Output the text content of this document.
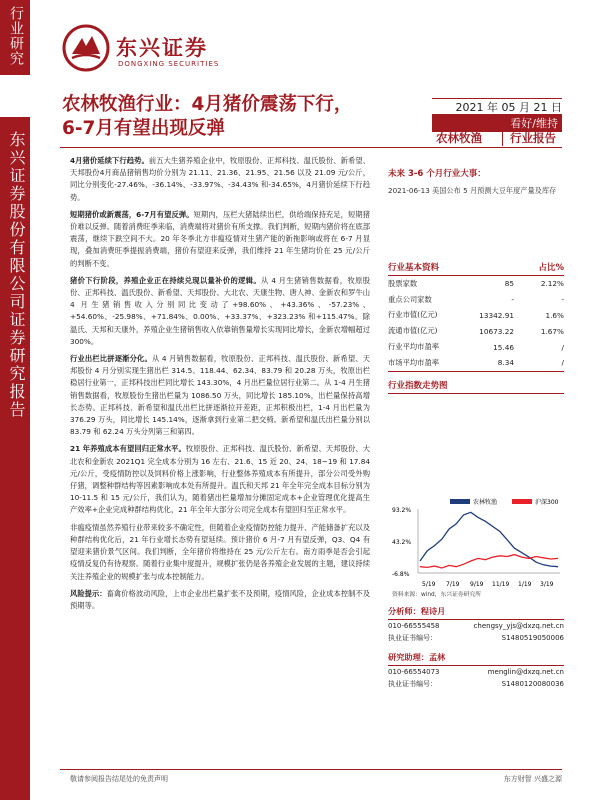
行业研究
东兴证券股份有限公司证券研究报告
东兴证券
DONGXING SECURITIES
农林牧渔行业：4月猪价震荡下行，
6-7月有望出现反弹
2021 年 05 月 21 日
看好/维持
农林牧渔 行业报告

4月猪价延续下行趋势。前五大生猪养殖企业中，牧原股份、正邦科技、温氏股份、新希望、天邦股份4月商品猪销售均价分别为 21.11、21.36、21.95、21.56 以及 21.09 元/公斤，同比分别变化-27.46%、-36.14%、-33.97%、-34.43% 和-34.65%，4月猪价延续下行趋势。

短期猪价或新震荡，6-7月有望反弹。短期内，压栏大猪陆续出栏，供给端保持充足，短期猪价难以反弹。随着消费旺季来临，消费端将对猪价有所支撑。我们判断，短期内猪价将在底部震荡，继续下跌空间不大。20 年冬季北方非瘟疫情对生猪产能的新拖影响或将在 6-7 月显现，叠加消费旺季提振消费端，猪价有望迎来反弹，我们维持 21 年生猪均价在 25 元/公斤的判断不变。

猪价下行阶段，养殖企业正在持续兑现以量补价的逻辑。从 4 月生猪销售数据看，牧原股份、正邦科技、温氏股份、新希望、天邦股份、大北农、天康生物、唐人神、金新农和罗牛山 4 月生猪销售收入分别同比变动了+98.60%、+43.36%、-57.23%、+54.60%、-25.98%、+71.84%、0.00%、+33.37%、+323.23% 和+115.47%。除温氏、天邦和天康外，养殖企业生猪销售收入依靠销售量增长实现同比增长，金新农增幅超过 300%。

行业出栏比拼逐渐分化。从 4 月销售数据看，牧原股份、正邦科技、温氏股份、新希望、天邦股份 4 月分别实现生猪出栏 314.5、118.44、62.34、83.79 和 20.28 万头，牧原出栏稳居行业第一，正邦科技出栏同比增长 143.30%，4 月出栏量位居行业第二。从 1-4 月生猪销售数据看，牧原股份生猪出栏量为 1086.50 万头，同比增长 185.10%，出栏量保持高增长态势。正邦科技、新希望和温氏出栏比拼逐渐拉开差距，正邦积极出栏，1-4 月出栏量为 376.29 万头，同比增长 145.14%，逐渐拿到行业第二把交椅。新希望和温氏出栏量分别以 83.79 和 62.24 万头分列第三和第四。

21 年养殖成本有望回归正常水平。牧原股份、正邦科技、温氏股份、新希望、天邦股份、大北农和金新农 2021Q1 完全成本分别为 16 左右、21.6、15 近 20、24、18~19 和 17.84 元/公斤，受疫情防控以及饲料价格上涨影响，行业整体养殖成本有所提升，部分公司受外购仔猪，调整种群结构等因素影响成本处有所提升。温氏和天邦 21 年全年完全成本目标分别为 10-11.5 和 15 元/公斤，我们认为，随着猪出栏量增加分摊固定成本+企业管理优化提高生产效率+企业完成种群结构优化，21 年全年大部分公司完全成本有望回归至正常水平。

非瘟疫情虽然养殖行业带来较多不确定性，但随着企业疫情防控能力提升、产能储备扩充以及种群结构优化后，21 年行业增长态势有望延续。预计猪价 6 月-7 月有望反弹，Q3、Q4 有望迎来猪价景气区间。我们判断，全年猪价将维持在 25 元/公斤左右。南方雨季是否会引起疫情反复仍有待观察。随着行业集中度提升，规模扩张仍是各养殖企业发展的主题，建议持续关注养殖企业的规模扩张与成本控制能力。

风险提示：畜禽价格波动风险，上市企业出栏量扩张不及预期，疫情风险，企业成本控制不及预期等。

未来 3-6 个月行业大事：
2021-06-13 美国公布 5 月预测大豆年度产量及库存
行业基本资料	占比%
股票家数	85	2.12%
重点公司家数	-	-
行业市值(亿元)	13342.91	1.6%
流通市值(亿元)	10673.22	1.67%
行业平均市盈率	15.46	/
市场平均市盈率	8.34	/
行业指数走势图
农林牧渔	沪深300
93.2%
43.2%
-6.8%
5/19 7/19 9/19 11/19 1/19 3/19
资料来源：wind，东兴证券研究所
分析师：程诗月
010-66555458	chengsy_yjs@dxzq.net.cn
执业证书编号：	S1480519050006
研究助理：孟林
010-66554073	menglin@dxzq.net.cn
执业证书编号：	S1480120080036
敬请参阅报告结尾处的免责声明	东方财智 兴盛之源
